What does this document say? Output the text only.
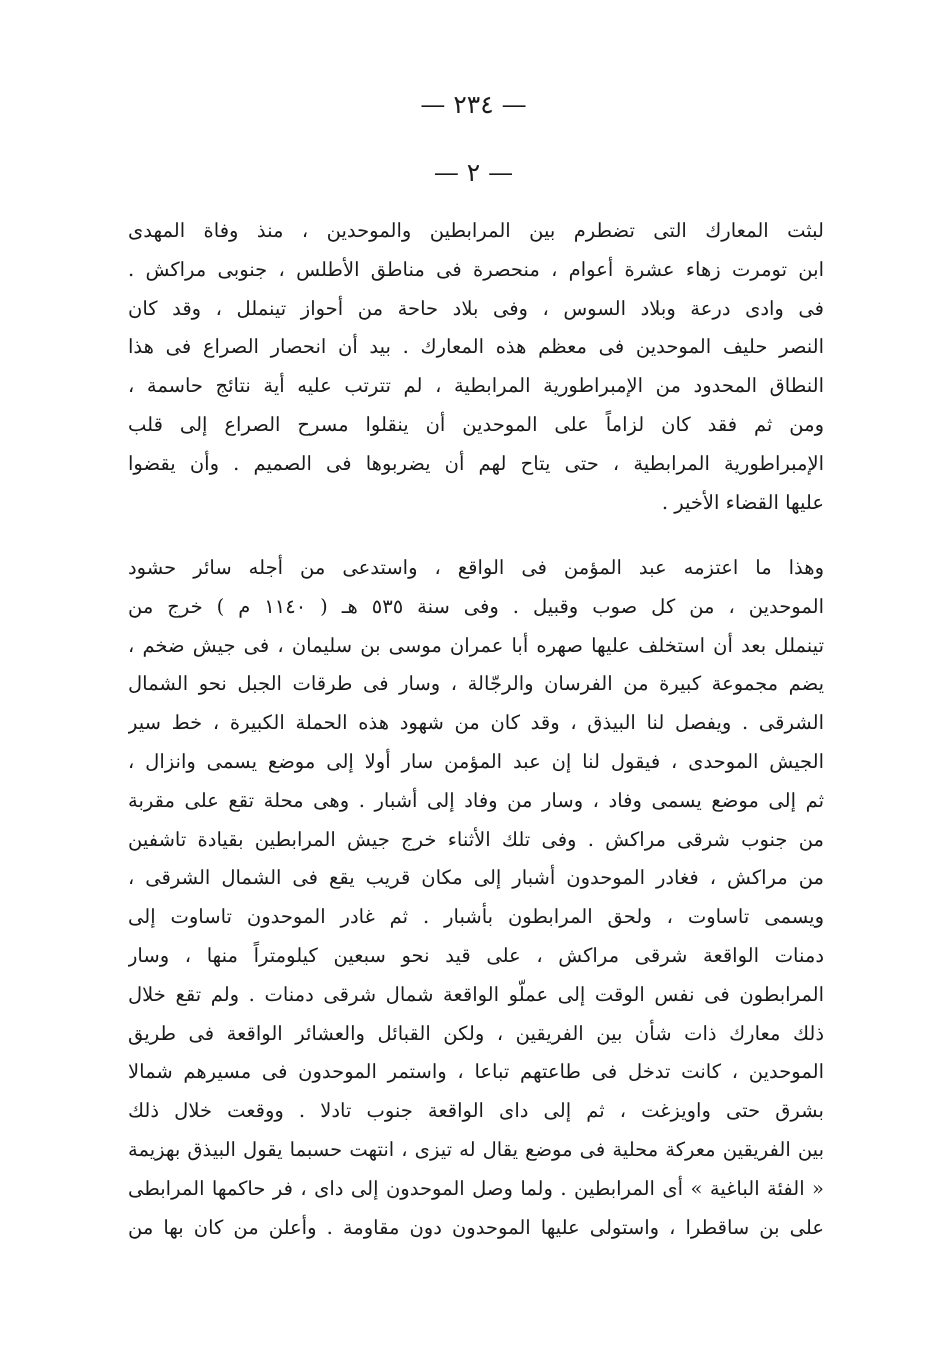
— ٢٣٤ —
— ٢ —
لبثت المعارك التى تضطرم بين المرابطين والموحدين ، منذ وفاة المهدى
ابن تومرت زهاء عشرة أعوام ، منحصرة فى مناطق الأطلس ، جنوبى مراكش .
فى وادى درعة وبلاد السوس ، وفى بلاد حاحة من أحواز تينملل ، وقد كان
النصر حليف الموحدين فى معظم هذه المعارك . بيد أن انحصار الصراع فى هذا
النطاق المحدود من الإمبراطورية المرابطية ، لم تترتب عليه أية نتائج حاسمة ،
ومن ثم فقد كان لزاماً على الموحدين أن ينقلوا مسرح الصراع إلى قلب
الإمبراطورية المرابطية ، حتى يتاح لهم أن يضربوها فى الصميم . وأن يقضوا
عليها القضاء الأخير .
وهذا ما اعتزمه عبد المؤمن فى الواقع ، واستدعى من أجله سائر حشود
الموحدين ، من كل صوب وقبيل . وفى سنة ٥٣٥ هـ ( ١١٤٠ م ) خرج من
تينملل بعد أن استخلف عليها صهره أبا عمران موسى بن سليمان ، فى جيش ضخم ،
يضم مجموعة كبيرة من الفرسان والرجّالة ، وسار فى طرقات الجبل نحو الشمال
الشرقى . ويفصل لنا البيذق ، وقد كان من شهود هذه الحملة الكبيرة ، خط سير
الجيش الموحدى ، فيقول لنا إن عبد المؤمن سار أولا إلى موضع يسمى وانزال ،
ثم إلى موضع يسمى وفاد ، وسار من وفاد إلى أشبار . وهى محلة تقع على مقربة
من جنوب شرقى مراكش . وفى تلك الأثناء خرج جيش المرابطين بقيادة تاشفين
من مراكش ، فغادر الموحدون أشبار إلى مكان قريب يقع فى الشمال الشرقى ،
ويسمى تاساوت ، ولحق المرابطون بأشبار . ثم غادر الموحدون تاساوت إلى
دمنات الواقعة شرقى مراكش ، على قيد نحو سبعين كيلومتراً منها ، وسار
المرابطون فى نفس الوقت إلى عملّو الواقعة شمال شرقى دمنات . ولم تقع خلال
ذلك معارك ذات شأن بين الفريقين ، ولكن القبائل والعشائر الواقعة فى طريق
الموحدين ، كانت تدخل فى طاعتهم تباعا ، واستمر الموحدون فى مسيرهم شمالا
بشرق حتى واويزغت ، ثم إلى داى الواقعة جنوب تادلا . ووقعت خلال ذلك
بين الفريقين معركة محلية فى موضع يقال له تيزى ، انتهت حسبما يقول البيذق بهزيمة
« الفئة الباغية » أى المرابطين . ولما وصل الموحدون إلى داى ، فر حاكمها المرابطى
على بن ساقطرا ، واستولى عليها الموحدون دون مقاومة . وأعلن من كان بها من
